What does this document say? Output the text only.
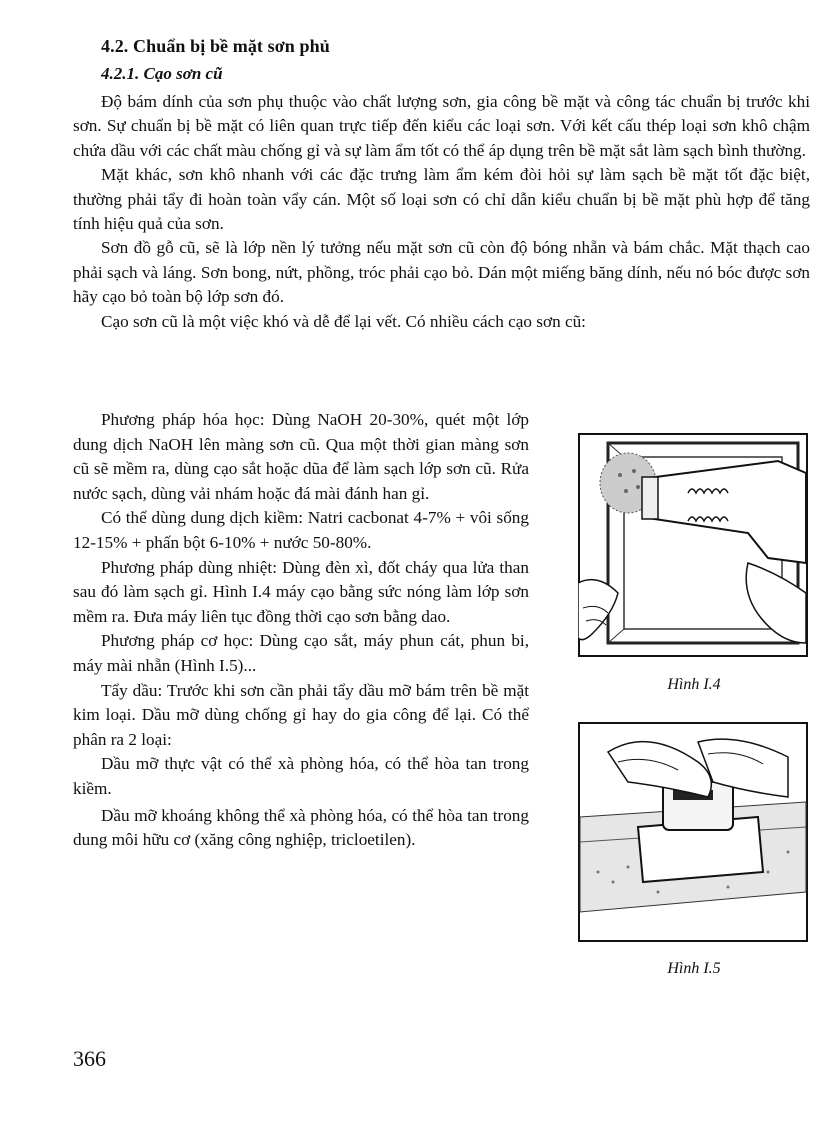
4.2. Chuẩn bị bề mặt sơn phủ
4.2.1. Cạo sơn cũ

Độ bám dính của sơn phụ thuộc vào chất lượng sơn, gia công bề mặt và công tác chuẩn bị trước khi sơn. Sự chuẩn bị bề mặt có liên quan trực tiếp đến kiểu các loại sơn. Với kết cấu thép loại sơn khô chậm chứa dầu với các chất màu chống gỉ và sự làm ẩm tốt có thể áp dụng trên bề mặt sắt làm sạch bình thường.

Mặt khác, sơn khô nhanh với các đặc trưng làm ẩm kém đòi hỏi sự làm sạch bề mặt tốt đặc biệt, thường phải tẩy đi hoàn toàn vẩy cán. Một số loại sơn có chỉ dẫn kiểu chuẩn bị bề mặt phù hợp để tăng tính hiệu quả của sơn.

Sơn đồ gỗ cũ, sẽ là lớp nền lý tưởng nếu mặt sơn cũ còn độ bóng nhẵn và bám chắc. Mặt thạch cao phải sạch và láng. Sơn bong, nứt, phồng, tróc phải cạo bỏ. Dán một miếng băng dính, nếu nó bóc được sơn hãy cạo bỏ toàn bộ lớp sơn đó.

Cạo sơn cũ là một việc khó và dễ để lại vết. Có nhiều cách cạo sơn cũ:

Phương pháp hóa học: Dùng NaOH 20-30%, quét một lớp dung dịch NaOH lên màng sơn cũ. Qua một thời gian màng sơn cũ sẽ mềm ra, dùng cạo sắt hoặc dũa để làm sạch lớp sơn cũ. Rửa nước sạch, dùng vải nhám hoặc đá mài đánh han gỉ.

Có thể dùng dung dịch kiềm: Natri cacbonat 4-7% + vôi sống 12-15% + phấn bột 6-10% + nước 50-80%.

Phương pháp dùng nhiệt: Dùng đèn xì, đốt cháy qua lửa than sau đó làm sạch gỉ. Hình I.4 máy cạo bằng sức nóng làm lớp sơn mềm ra. Đưa máy liên tục đồng thời cạo sơn bằng dao.

Phương pháp cơ học: Dùng cạo sắt, máy phun cát, phun bi, máy mài nhẵn (Hình I.5)...

Tẩy dầu: Trước khi sơn cần phải tẩy dầu mỡ bám trên bề mặt kim loại. Dầu mỡ dùng chống gỉ hay do gia công để lại. Có thể phân ra 2 loại:

Dầu mỡ thực vật có thể xà phòng hóa, có thể hòa tan trong kiềm.

Dầu mỡ khoáng không thể xà phòng hóa, có thể hòa tan trong dung môi hữu cơ (xăng công nghiệp, tricloetilen).

Hình I.4
Hình I.5
366
